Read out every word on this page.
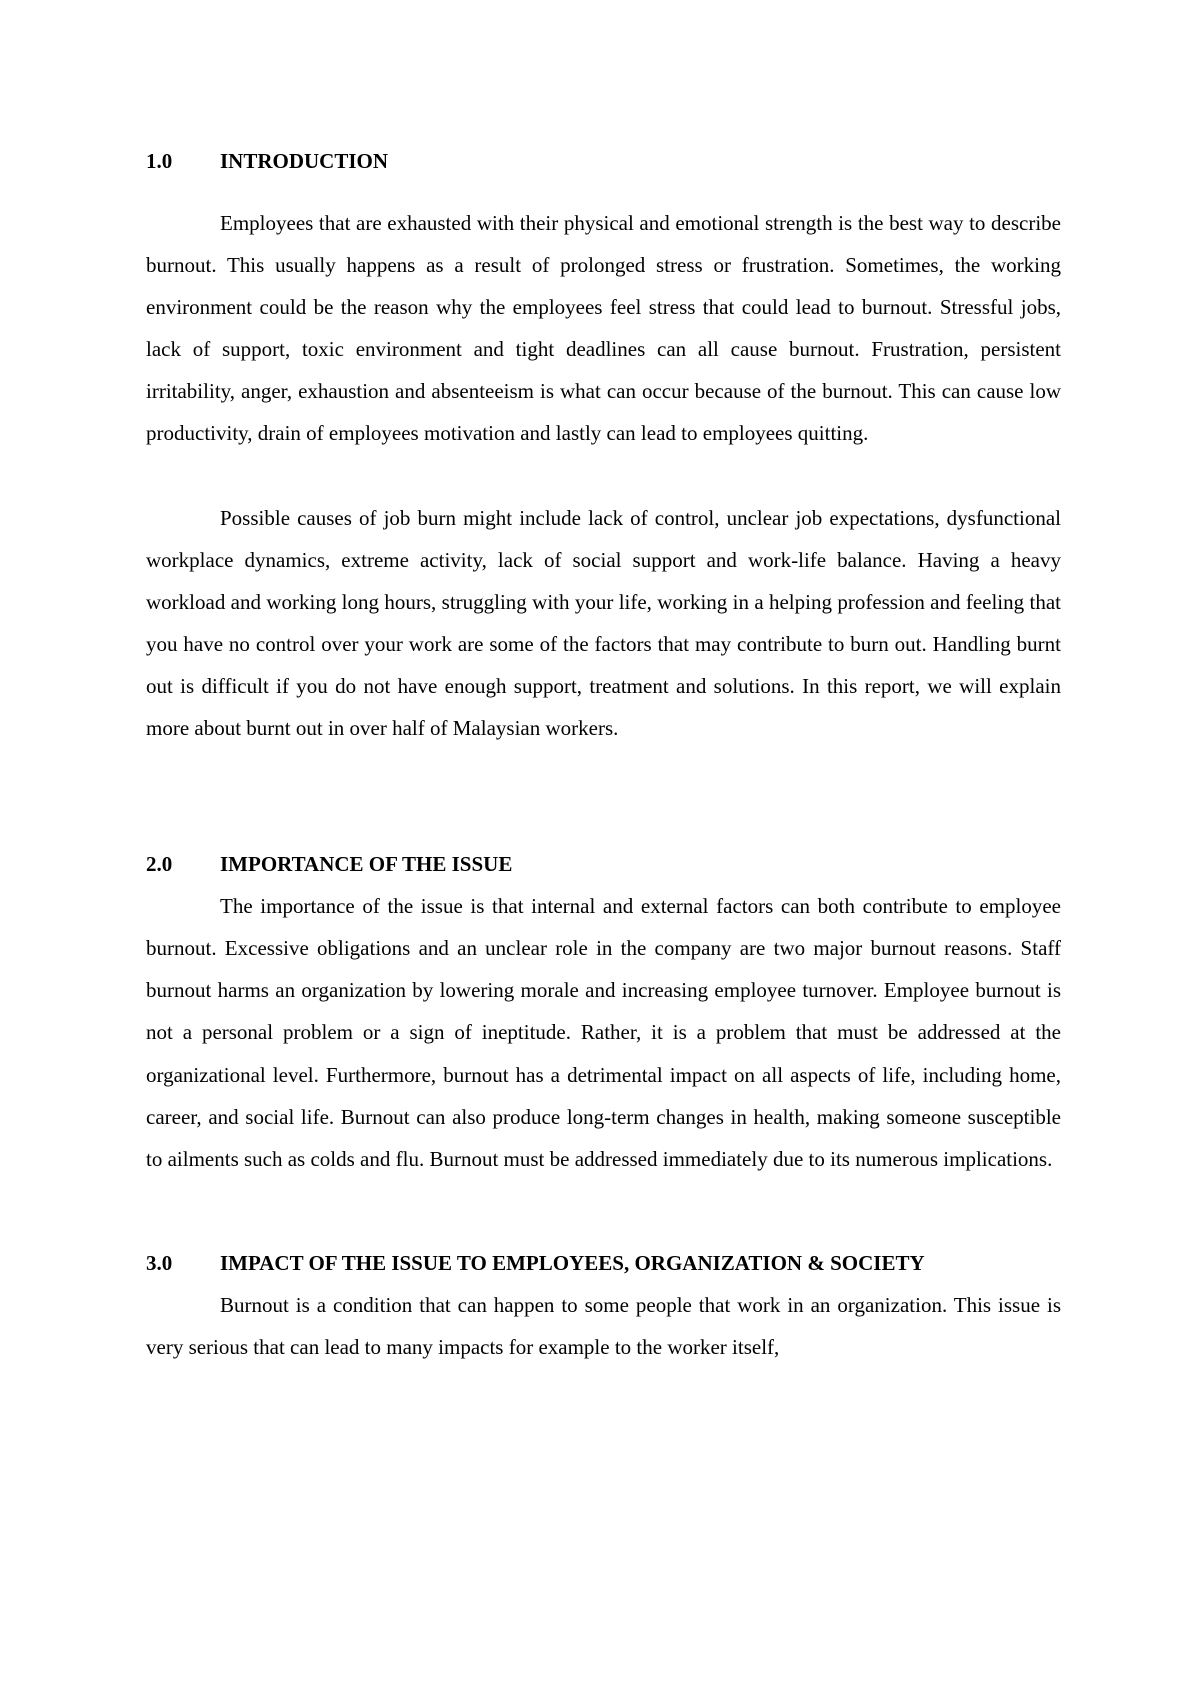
1.0 INTRODUCTION

Employees that are exhausted with their physical and emotional strength is the best way to describe burnout. This usually happens as a result of prolonged stress or frustration. Sometimes, the working environment could be the reason why the employees feel stress that could lead to burnout. Stressful jobs, lack of support, toxic environment and tight deadlines can all cause burnout. Frustration, persistent irritability, anger, exhaustion and absenteeism is what can occur because of the burnout. This can cause low productivity, drain of employees motivation and lastly can lead to employees quitting.

Possible causes of job burn might include lack of control, unclear job expectations, dysfunctional workplace dynamics, extreme activity, lack of social support and work-life balance. Having a heavy workload and working long hours, struggling with your life, working in a helping profession and feeling that you have no control over your work are some of the factors that may contribute to burn out. Handling burnt out is difficult if you do not have enough support, treatment and solutions. In this report, we will explain more about burnt out in over half of Malaysian workers.

2.0 IMPORTANCE OF THE ISSUE

The importance of the issue is that internal and external factors can both contribute to employee burnout. Excessive obligations and an unclear role in the company are two major burnout reasons. Staff burnout harms an organization by lowering morale and increasing employee turnover. Employee burnout is not a personal problem or a sign of ineptitude. Rather, it is a problem that must be addressed at the organizational level. Furthermore, burnout has a detrimental impact on all aspects of life, including home, career, and social life. Burnout can also produce long-term changes in health, making someone susceptible to ailments such as colds and flu. Burnout must be addressed immediately due to its numerous implications.

3.0 IMPACT OF THE ISSUE TO EMPLOYEES, ORGANIZATION & SOCIETY

Burnout is a condition that can happen to some people that work in an organization. This issue is very serious that can lead to many impacts for example to the worker itself,
